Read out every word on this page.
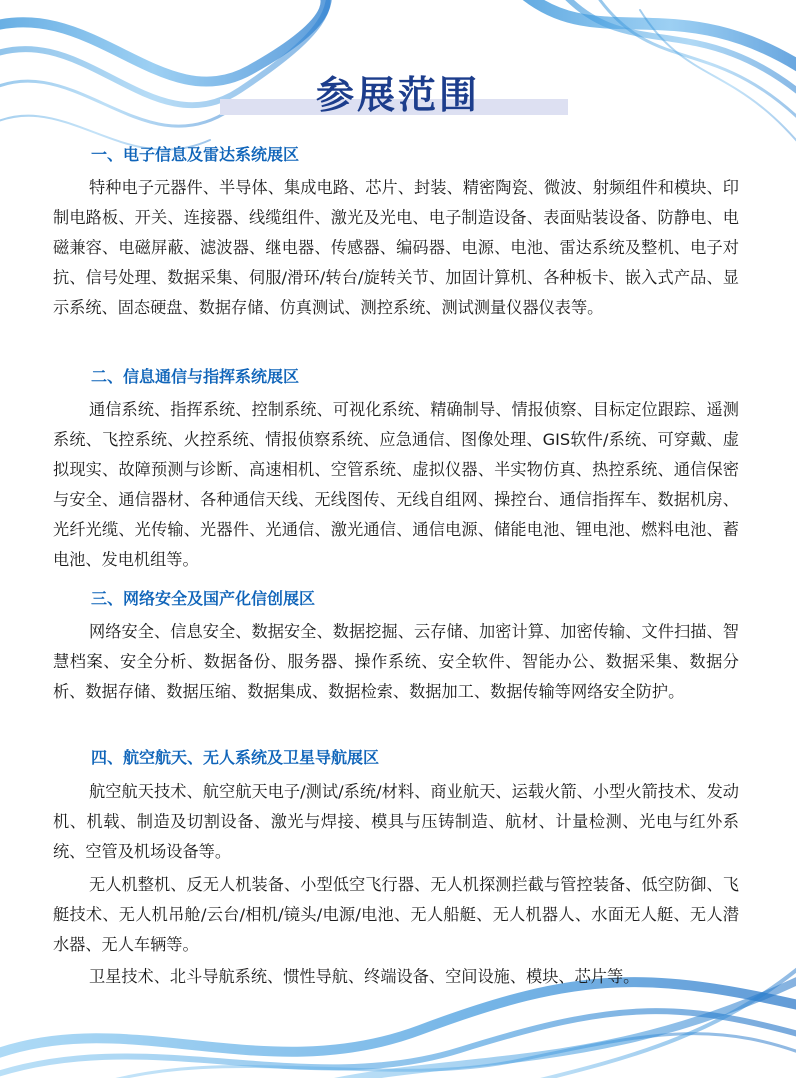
参展范围
一、电子信息及雷达系统展区

特种电子元器件、半导体、集成电路、芯片、封装、精密陶瓷、微波、射频组件和模块、印制电路板、开关、连接器、线缆组件、激光及光电、电子制造设备、表面贴装设备、防静电、电磁兼容、电磁屏蔽、滤波器、继电器、传感器、编码器、电源、电池、雷达系统及整机、电子对抗、信号处理、数据采集、伺服/滑环/转台/旋转关节、加固计算机、各种板卡、嵌入式产品、显示系统、固态硬盘、数据存储、仿真测试、测控系统、测试测量仪器仪表等。

二、信息通信与指挥系统展区

通信系统、指挥系统、控制系统、可视化系统、精确制导、情报侦察、目标定位跟踪、遥测系统、飞控系统、火控系统、情报侦察系统、应急通信、图像处理、GIS软件/系统、可穿戴、虚拟现实、故障预测与诊断、高速相机、空管系统、虚拟仪器、半实物仿真、热控系统、通信保密与安全、通信器材、各种通信天线、无线图传、无线自组网、操控台、通信指挥车、数据机房、光纤光缆、光传输、光器件、光通信、激光通信、通信电源、储能电池、锂电池、燃料电池、蓄电池、发电机组等。

三、网络安全及国产化信创展区

网络安全、信息安全、数据安全、数据挖掘、云存储、加密计算、加密传输、文件扫描、智慧档案、安全分析、数据备份、服务器、操作系统、安全软件、智能办公、数据采集、数据分析、数据存储、数据压缩、数据集成、数据检索、数据加工、数据传输等网络安全防护。

四、航空航天、无人系统及卫星导航展区

航空航天技术、航空航天电子/测试/系统/材料、商业航天、运载火箭、小型火箭技术、发动机、机载、制造及切割设备、激光与焊接、模具与压铸制造、航材、计量检测、光电与红外系统、空管及机场设备等。

无人机整机、反无人机装备、小型低空飞行器、无人机探测拦截与管控装备、低空防御、飞艇技术、无人机吊舱/云台/相机/镜头/电源/电池、无人船艇、无人机器人、水面无人艇、无人潜水器、无人车辆等。

卫星技术、北斗导航系统、惯性导航、终端设备、空间设施、模块、芯片等。
